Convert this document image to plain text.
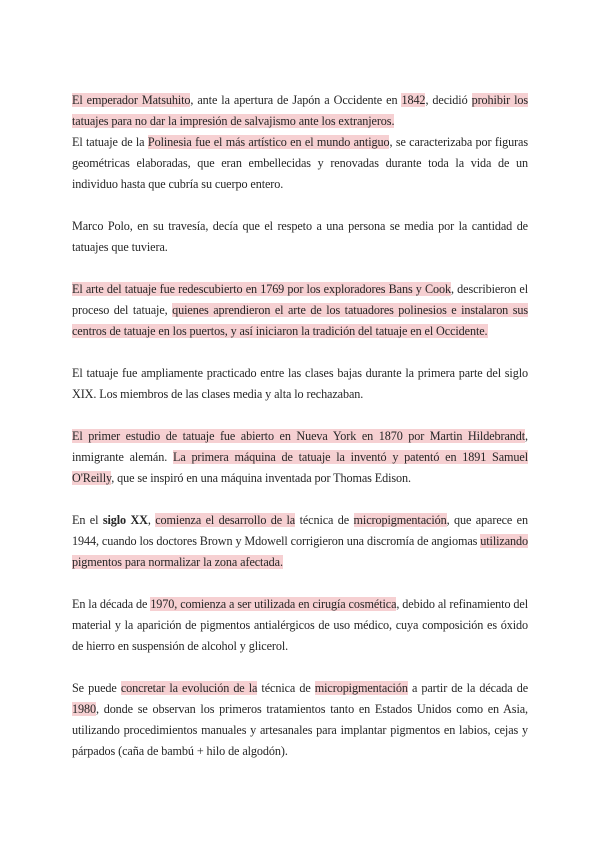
El emperador Matsuhito, ante la apertura de Japón a Occidente en 1842, decidió prohibir los tatuajes para no dar la impresión de salvajismo ante los extranjeros.

El tatuaje de la Polinesia fue el más artístico en el mundo antiguo, se caracterizaba por figuras geométricas elaboradas, que eran embellecidas y renovadas durante toda la vida de un individuo hasta que cubría su cuerpo entero.

Marco Polo, en su travesía, decía que el respeto a una persona se media por la cantidad de tatuajes que tuviera.

El arte del tatuaje fue redescubierto en 1769 por los exploradores Bans y Cook, describieron el proceso del tatuaje, quienes aprendieron el arte de los tatuadores polinesios e instalaron sus centros de tatuaje en los puertos, y así iniciaron la tradición del tatuaje en el Occidente.

El tatuaje fue ampliamente practicado entre las clases bajas durante la primera parte del siglo XIX. Los miembros de las clases media y alta lo rechazaban.

El primer estudio de tatuaje fue abierto en Nueva York en 1870 por Martin Hildebrandt, inmigrante alemán. La primera máquina de tatuaje la inventó y patentó en 1891 Samuel O'Reilly, que se inspiró en una máquina inventada por Thomas Edison.

En el siglo XX, comienza el desarrollo de la técnica de micropigmentación, que aparece en 1944, cuando los doctores Brown y Mdowell corrigieron una discromía de angiomas utilizando pigmentos para normalizar la zona afectada.

En la década de 1970, comienza a ser utilizada en cirugía cosmética, debido al refinamiento del material y la aparición de pigmentos antialérgicos de uso médico, cuya composición es óxido de hierro en suspensión de alcohol y glicerol.

Se puede concretar la evolución de la técnica de micropigmentación a partir de la década de 1980, donde se observan los primeros tratamientos tanto en Estados Unidos como en Asia, utilizando procedimientos manuales y artesanales para implantar pigmentos en labios, cejas y párpados (caña de bambú + hilo de algodón).
